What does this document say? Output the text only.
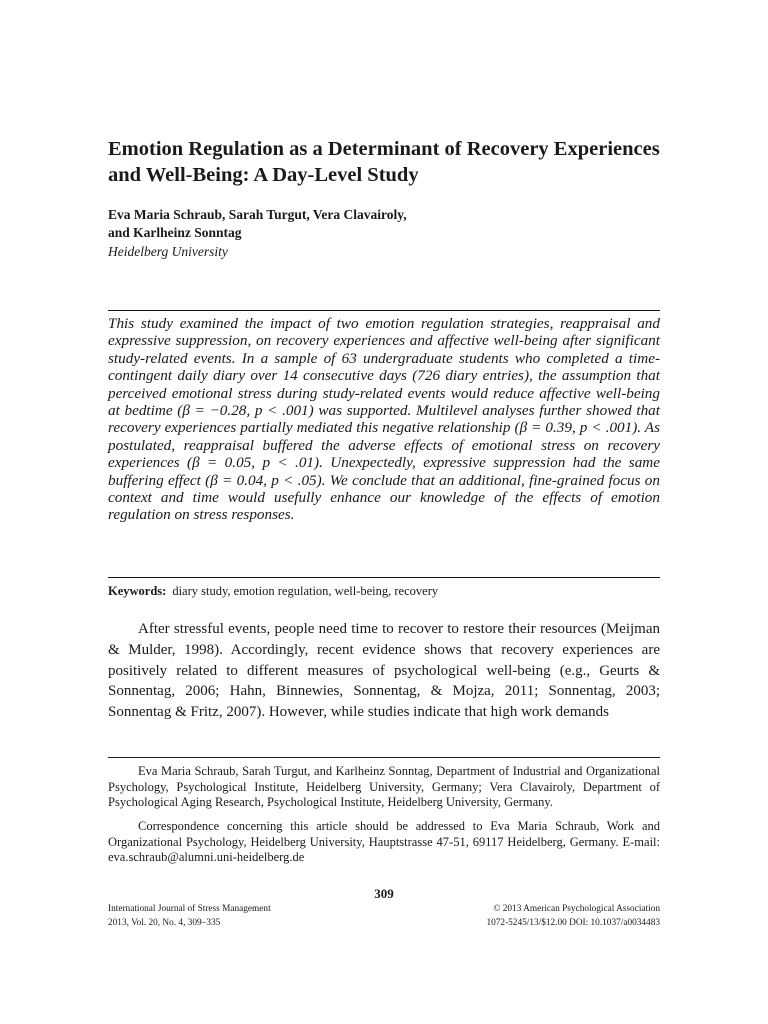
Emotion Regulation as a Determinant of Recovery Experiences and Well-Being: A Day-Level Study
Eva Maria Schraub, Sarah Turgut, Vera Clavairoly,
and Karlheinz Sonntag
Heidelberg University

This study examined the impact of two emotion regulation strategies, reappraisal and expressive suppression, on recovery experiences and affective well-being after significant study-related events. In a sample of 63 undergraduate students who completed a time-contingent daily diary over 14 consecutive days (726 diary entries), the assumption that perceived emotional stress during study-related events would reduce affective well-being at bedtime (β = −0.28, p < .001) was supported. Multilevel analyses further showed that recovery experiences partially mediated this negative relationship (β = 0.39, p < .001). As postulated, reappraisal buffered the adverse effects of emotional stress on recovery experiences (β = 0.05, p < .01). Unexpectedly, expressive suppression had the same buffering effect (β = 0.04, p < .05). We conclude that an additional, fine-grained focus on context and time would usefully enhance our knowledge of the effects of emotion regulation on stress responses.

Keywords: diary study, emotion regulation, well-being, recovery

After stressful events, people need time to recover to restore their resources (Meijman & Mulder, 1998). Accordingly, recent evidence shows that recovery experiences are positively related to different measures of psychological well-being (e.g., Geurts & Sonnentag, 2006; Hahn, Binnewies, Sonnentag, & Mojza, 2011; Sonnentag, 2003; Sonnentag & Fritz, 2007). However, while studies indicate that high work demands

Eva Maria Schraub, Sarah Turgut, and Karlheinz Sonntag, Department of Industrial and Organizational Psychology, Psychological Institute, Heidelberg University, Germany; Vera Clavairoly, Department of Psychological Aging Research, Psychological Institute, Heidelberg University, Germany.

Correspondence concerning this article should be addressed to Eva Maria Schraub, Work and Organizational Psychology, Heidelberg University, Hauptstrasse 47-51, 69117 Heidelberg, Germany. E-mail: eva.schraub@alumni.uni-heidelberg.de

309
International Journal of Stress Management
2013, Vol. 20, No. 4, 309–335
© 2013 American Psychological Association
1072-5245/13/$12.00 DOI: 10.1037/a0034483
